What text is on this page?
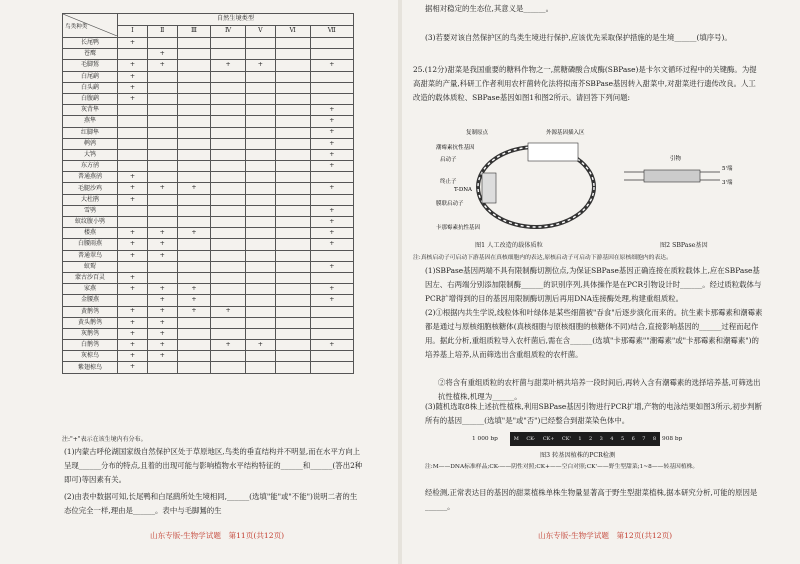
鸟类种类	自然生境类型						
	Ⅰ	Ⅱ	Ⅲ	Ⅳ	Ⅴ	Ⅵ	Ⅶ
长尾鸭	+						
苍鹰		+					
毛脚鵟	+	+		+	+		+
白尾鹞	+						
白头鹞	+						
白腹鹞	+						
灰背隼							+
燕隼							+
红脚隼							+
鹌鹑							+
大鸨							+
东方鸻							+
普通燕鸻	+						
毛腿沙鸡	+	+	+				+
大杜鹃	+						
雪鸮							+
蚁纹腹小鸮							+
楼燕	+	+	+				+
白腰雨燕	+	+					+
普通翠鸟	+	+					
蚁䴕							+
蒙古沙百灵	+						
家燕	+	+	+				+
金腰燕		+	+				+
黄鹡鸰	+	+	+	+			
黄头鹡鸰	+	+					
灰鹡鸰	+	+					
白鹡鸰	+	+		+	+		+
灰椋鸟	+	+					
紫翅椋鸟	+						
注:"+"表示在该生境内有分布。
(1)内蒙古呼伦湖国家级自然保护区处于草原地区,鸟类的垂直结构并不明显,而在水平方向上呈现______分布的特点,且着的出现可能与影响植物水平结构特征的______和______(答出2种即可)等因素有关。
(2)由表中数据可知,长尾鸭和白尾鹞所处生境相同,______(选填"能"或"不能")说明二者的生态位完全一样,理由是______。表中与毛脚鵟的生
山东专版-生物学试题　第11页(共12页)
据相对稳定的生态位,其意义是______。
(3)若要对该自然保护区的鸟类生境进行保护,应该优先采取保护措施的是生境______(填序号)。
25.(12分)甜菜是我国重要的糖料作物之一,蔗糖磷酸合成酶(SBPase)是卡尔文循环过程中的关键酶。为提高甜菜的产量,科研工作者利用农杆菌转化法将拟南芥SBPase基因转入甜菜中,对甜菜进行遗传改良。人工改造的载体质粒、SBPase基因如图1和图2所示。请回答下列问题:
复制原点	外源基因插入区
启动子
终止子
T-DNA
潮霉素抗性基因
卡那霉素抗性基因
膜联启动子
图1 人工改造的载体质粒
引物
5'端
3'端
图2 SBPase基因
注:真核启动子可启动下游基因在真核细胞内的表达,原核启动子可启动下游基因在原核细胞内的表达。
(1)SBPase基因两端不具有限制酶切割位点,为保证SBPase基因正确连接在质粒载体上,应在SBPase基因左、右两端分别添加限制酶______的识别序列,具体操作是在PCR引物设计时______。经过质粒载体与PCR扩增得到的目的基因用限制酶切割后再用DNA连接酶处理,构建重组质粒。
(2)①根据内共生学说,线粒体和叶绿体是某些细菌被"吞食"后逐步演化而来的。抗生素卡那霉素和潮霉素都是通过与原核细胞核糖体(真核细胞与原核细胞的核糖体不同)结合,直接影响基因的______过程而起作用。据此分析,重组质粒导入农杆菌后,需在含______(选填"卡那霉素""潮霉素"或"卡那霉素和潮霉素")的培养基上培养,从而筛选出含重组质粒的农杆菌。
②将含有重组质粒的农杆菌与甜菜叶柄共培养一段时间后,再转入含有潮霉素的选择培养基,可筛选出抗性植株,机理为______。
(3)随机选取8株上述抗性植株,利用SBPase基因引物进行PCR扩增,产物的电泳结果如图3所示,初步判断所有的基因______(选填"是"或"否")已经整合到甜菜染色体中。
1 000 bp	M CK- CK+ CK' 1 2 3 4 5 6 7 8 908 bp
图3 转基因植株的PCR检测
注:M——DNA标准样品;CK-——阴性对照;CK+——空白对照;CK'——野生型甜菜;1~8——转基因植株。
经检测,正常表达目的基因的甜菜植株单株生物量显著高于野生型甜菜植株,据本研究分析,可能的原因是______。
山东专版-生物学试题　第12页(共12页)
